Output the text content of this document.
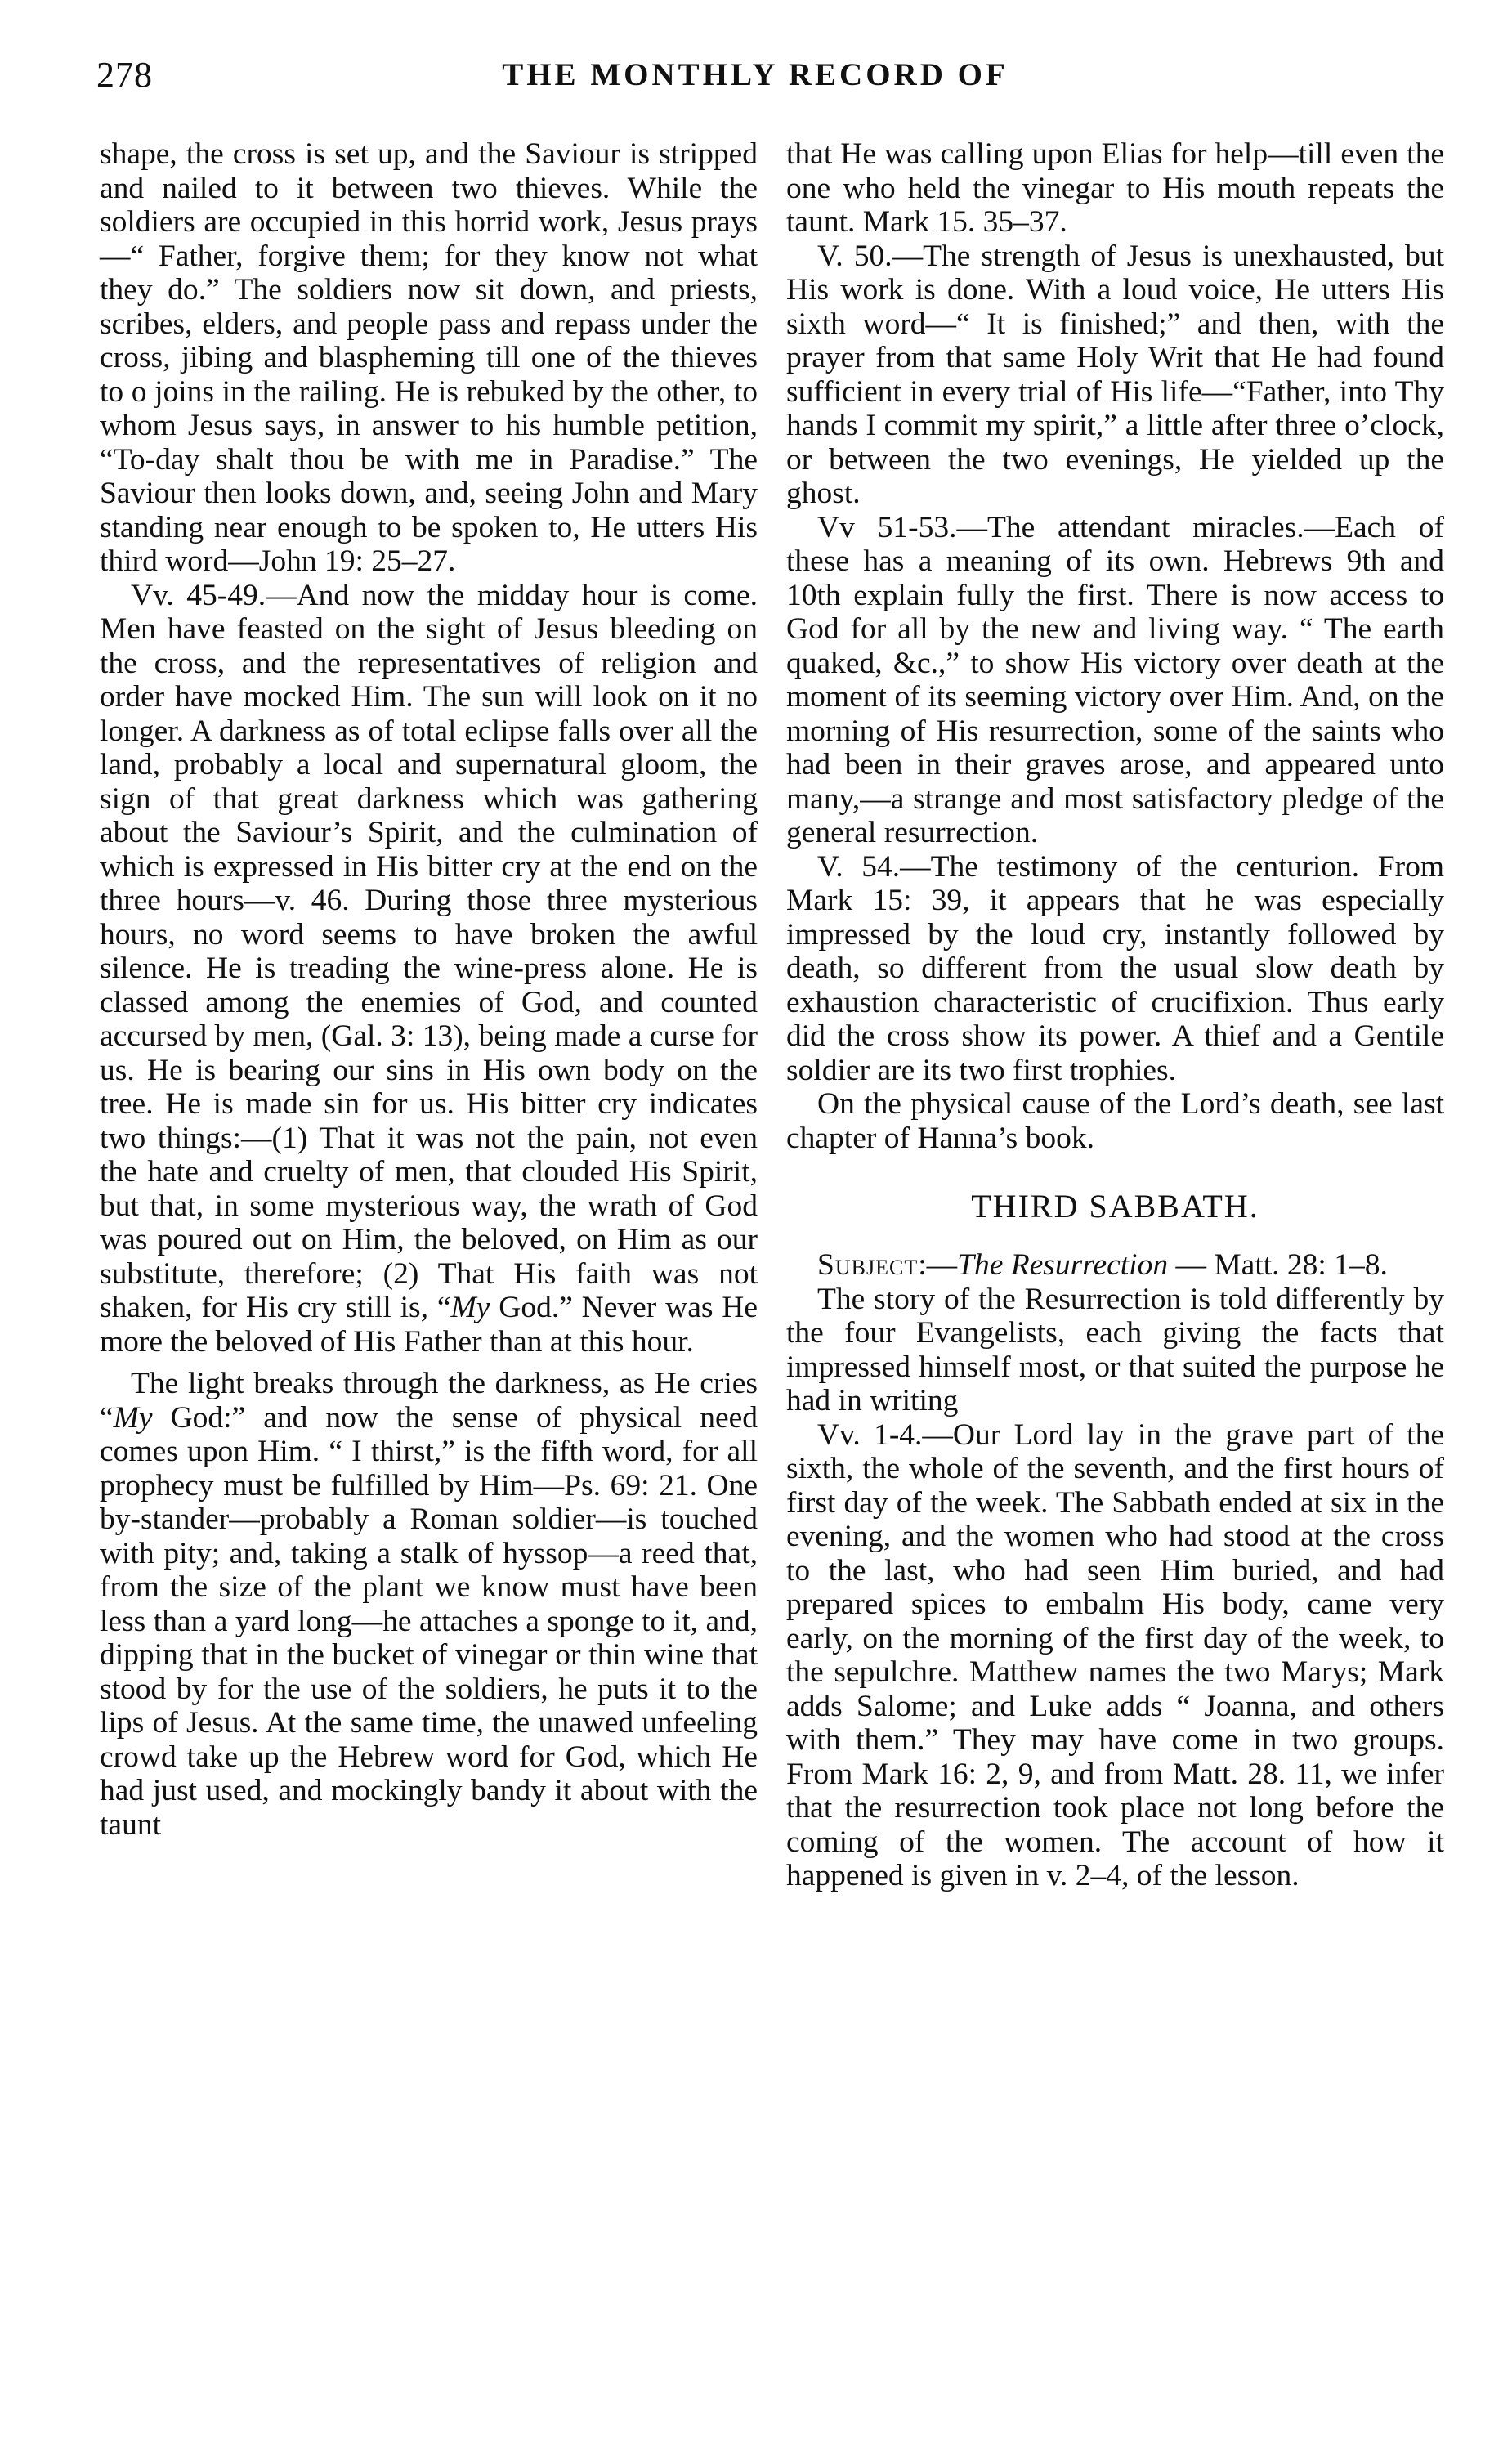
278	THE MONTHLY RECORD OF

shape, the cross is set up, and the Saviour is stripped and nailed to it between two thieves. While the soldiers are occupied in this horrid work, Jesus prays—“ Father, forgive them; for they know not what they do.” The soldiers now sit down, and priests, scribes, elders, and people pass and repass under the cross, jibing and blaspheming till one of the thieves to o joins in the railing. He is rebuked by the other, to whom Jesus says, in answer to his humble petition, “To-day shalt thou be with me in Paradise.” The Saviour then looks down, and, seeing John and Mary standing near enough to be spoken to, He utters His third word—John 19: 25–27.

Vv. 45-49.—And now the midday hour is come. Men have feasted on the sight of Jesus bleeding on the cross, and the representatives of religion and order have mocked Him. The sun will look on it no longer. A darkness as of total eclipse falls over all the land, probably a local and supernatural gloom, the sign of that great darkness which was gathering about the Saviour’s Spirit, and the culmination of which is expressed in His bitter cry at the end on the three hours—v. 46. During those three mysterious hours, no word seems to have broken the awful silence. He is treading the wine-press alone. He is classed among the enemies of God, and counted accursed by men, (Gal. 3: 13), being made a curse for us. He is bearing our sins in His own body on the tree. He is made sin for us. His bitter cry indicates two things:—(1) That it was not the pain, not even the hate and cruelty of men, that clouded His Spirit, but that, in some mysterious way, the wrath of God was poured out on Him, the beloved, on Him as our substitute, therefore; (2) That His faith was not shaken, for His cry still is, “My God.” Never was He more the beloved of His Father than at this hour.

The light breaks through the darkness, as He cries “My God:” and now the sense of physical need comes upon Him. “ I thirst,” is the fifth word, for all prophecy must be fulfilled by Him—Ps. 69: 21. One by-stander—probably a Roman soldier—is touched with pity; and, taking a stalk of hyssop—a reed that, from the size of the plant we know must have been less than a yard long—he attaches a sponge to it, and, dipping that in the bucket of vinegar or thin wine that stood by for the use of the soldiers, he puts it to the lips of Jesus. At the same time, the unawed unfeeling crowd take up the Hebrew word for God, which He had just used, and mockingly bandy it about with the taunt

that He was calling upon Elias for help—till even the one who held the vinegar to His mouth repeats the taunt. Mark 15. 35–37.

V. 50.—The strength of Jesus is unexhausted, but His work is done. With a loud voice, He utters His sixth word—“ It is finished;” and then, with the prayer from that same Holy Writ that He had found sufficient in every trial of His life—“Father, into Thy hands I commit my spirit,” a little after three o’clock, or between the two evenings, He yielded up the ghost.

Vv 51-53.—The attendant miracles.—Each of these has a meaning of its own. Hebrews 9th and 10th explain fully the first. There is now access to God for all by the new and living way. “ The earth quaked, &c.,” to show His victory over death at the moment of its seeming victory over Him. And, on the morning of His resurrection, some of the saints who had been in their graves arose, and appeared unto many,—a strange and most satisfactory pledge of the general resurrection.

V. 54.—The testimony of the centurion. From Mark 15: 39, it appears that he was especially impressed by the loud cry, instantly followed by death, so different from the usual slow death by exhaustion characteristic of crucifixion. Thus early did the cross show its power. A thief and a Gentile soldier are its two first trophies.

On the physical cause of the Lord’s death, see last chapter of Hanna’s book.

THIRD SABBATH.

Subject:—The Resurrection — Matt. 28: 1–8.

The story of the Resurrection is told differently by the four Evangelists, each giving the facts that impressed himself most, or that suited the purpose he had in writing

Vv. 1-4.—Our Lord lay in the grave part of the sixth, the whole of the seventh, and the first hours of first day of the week. The Sabbath ended at six in the evening, and the women who had stood at the cross to the last, who had seen Him buried, and had prepared spices to embalm His body, came very early, on the morning of the first day of the week, to the sepulchre. Matthew names the two Marys; Mark adds Salome; and Luke adds “ Joanna, and others with them.” They may have come in two groups. From Mark 16: 2, 9, and from Matt. 28. 11, we infer that the resurrection took place not long before the coming of the women. The account of how it happened is given in v. 2–4, of the lesson.
